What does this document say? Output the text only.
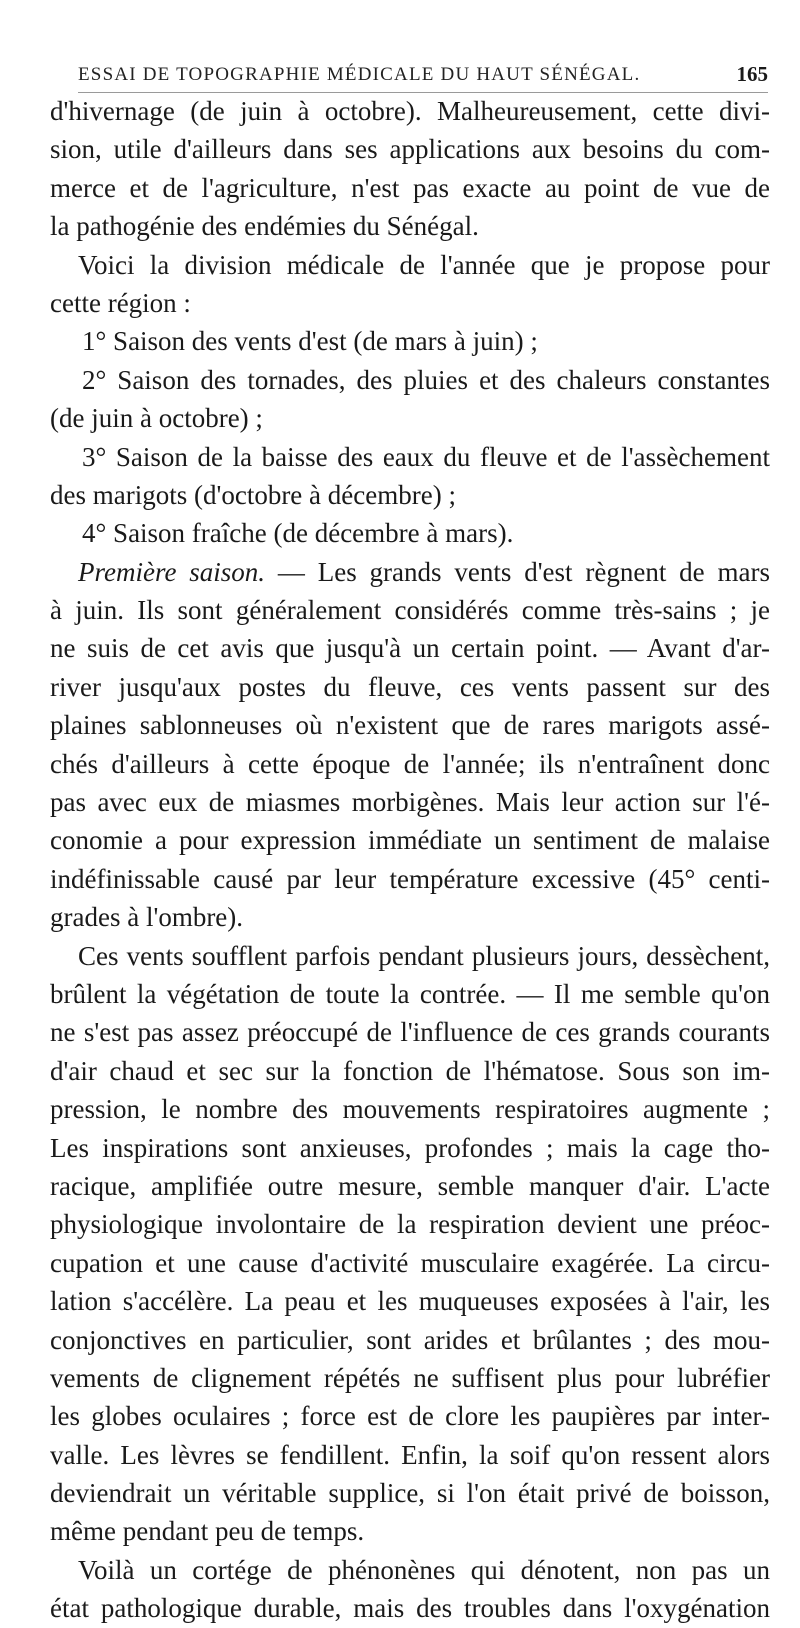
ESSAI DE TOPOGRAPHIE MÉDICALE DU HAUT SÉNÉGAL.	165
d'hivernage (de juin à octobre). Malheureusement, cette divi-
sion, utile d'ailleurs dans ses applications aux besoins du com-
merce et de l'agriculture, n'est pas exacte au point de vue de
la pathogénie des endémies du Sénégal.
Voici la division médicale de l'année que je propose pour
cette région :
1° Saison des vents d'est (de mars à juin) ;
2° Saison des tornades, des pluies et des chaleurs constantes
(de juin à octobre) ;
3° Saison de la baisse des eaux du fleuve et de l'assèchement
des marigots (d'octobre à décembre) ;
4° Saison fraîche (de décembre à mars).
Première saison. — Les grands vents d'est règnent de mars
à juin. Ils sont généralement considérés comme très-sains ; je
ne suis de cet avis que jusqu'à un certain point. — Avant d'ar-
river jusqu'aux postes du fleuve, ces vents passent sur des
plaines sablonneuses où n'existent que de rares marigots assé-
chés d'ailleurs à cette époque de l'année; ils n'entraînent donc
pas avec eux de miasmes morbigènes. Mais leur action sur l'é-
conomie a pour expression immédiate un sentiment de malaise
indéfinissable causé par leur température excessive (45° centi-
grades à l'ombre).
Ces vents soufflent parfois pendant plusieurs jours, dessèchent,
brûlent la végétation de toute la contrée. — Il me semble qu'on
ne s'est pas assez préoccupé de l'influence de ces grands courants
d'air chaud et sec sur la fonction de l'hématose. Sous son im-
pression, le nombre des mouvements respiratoires augmente ;
Les inspirations sont anxieuses, profondes ; mais la cage tho-
racique, amplifiée outre mesure, semble manquer d'air. L'acte
physiologique involontaire de la respiration devient une préoc-
cupation et une cause d'activité musculaire exagérée. La circu-
lation s'accélère. La peau et les muqueuses exposées à l'air, les
conjonctives en particulier, sont arides et brûlantes ; des mou-
vements de clignement répétés ne suffisent plus pour lubréfier
les globes oculaires ; force est de clore les paupières par inter-
valle. Les lèvres se fendillent. Enfin, la soif qu'on ressent alors
deviendrait un véritable supplice, si l'on était privé de boisson,
même pendant peu de temps.
Voilà un cortége de phénonènes qui dénotent, non pas un
état pathologique durable, mais des troubles dans l'oxygénation
